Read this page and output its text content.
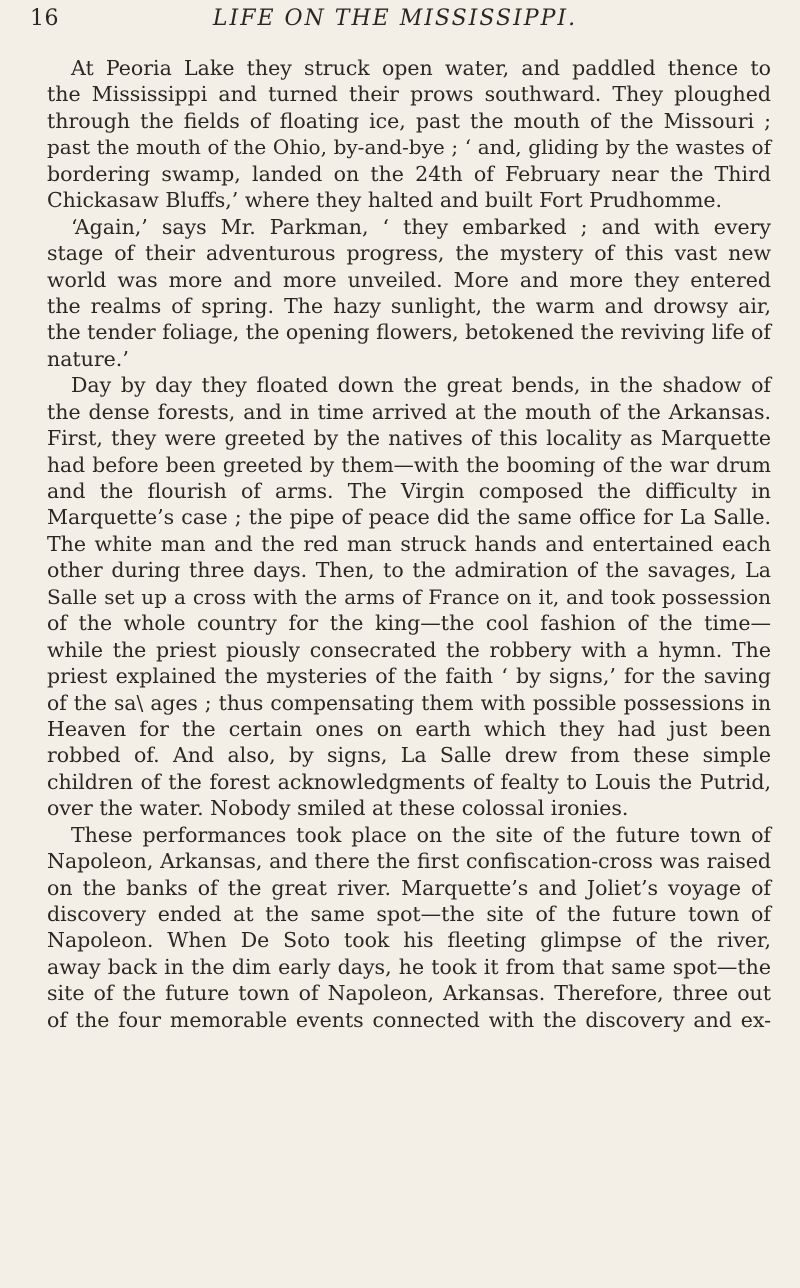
16	LIFE ON THE MISSISSIPPI.
At Peoria Lake they struck open water, and paddled thence to
the Mississippi and turned their prows southward. They ploughed
through the fields of floating ice, past the mouth of the Missouri ;
past the mouth of the Ohio, by-and-bye ; ‘ and, gliding by the wastes of
bordering swamp, landed on the 24th of February near the Third
Chickasaw Bluffs,’ where they halted and built Fort Prudhomme.
‘Again,’ says Mr. Parkman, ‘ they embarked ; and with every
stage of their adventurous progress, the mystery of this vast new
world was more and more unveiled. More and more they entered
the realms of spring. The hazy sunlight, the warm and drowsy air,
the tender foliage, the opening flowers, betokened the reviving life of
nature.’
Day by day they floated down the great bends, in the shadow of
the dense forests, and in time arrived at the mouth of the Arkansas.
First, they were greeted by the natives of this locality as Marquette
had before been greeted by them—with the booming of the war drum
and the flourish of arms. The Virgin composed the difficulty in
Marquette’s case ; the pipe of peace did the same office for La Salle.
The white man and the red man struck hands and entertained each
other during three days. Then, to the admiration of the savages, La
Salle set up a cross with the arms of France on it, and took possession
of the whole country for the king—the cool fashion of the time—
while the priest piously consecrated the robbery with a hymn. The
priest explained the mysteries of the faith ‘ by signs,’ for the saving
of the sa\ ages ; thus compensating them with possible possessions in
Heaven for the certain ones on earth which they had just been
robbed of. And also, by signs, La Salle drew from these simple
children of the forest acknowledgments of fealty to Louis the Putrid,
over the water. Nobody smiled at these colossal ironies.
These performances took place on the site of the future town of
Napoleon, Arkansas, and there the first confiscation-cross was raised
on the banks of the great river. Marquette’s and Joliet’s voyage of
discovery ended at the same spot—the site of the future town of
Napoleon. When De Soto took his fleeting glimpse of the river,
away back in the dim early days, he took it from that same spot—the
site of the future town of Napoleon, Arkansas. Therefore, three out
of the four memorable events connected with the discovery and ex-
